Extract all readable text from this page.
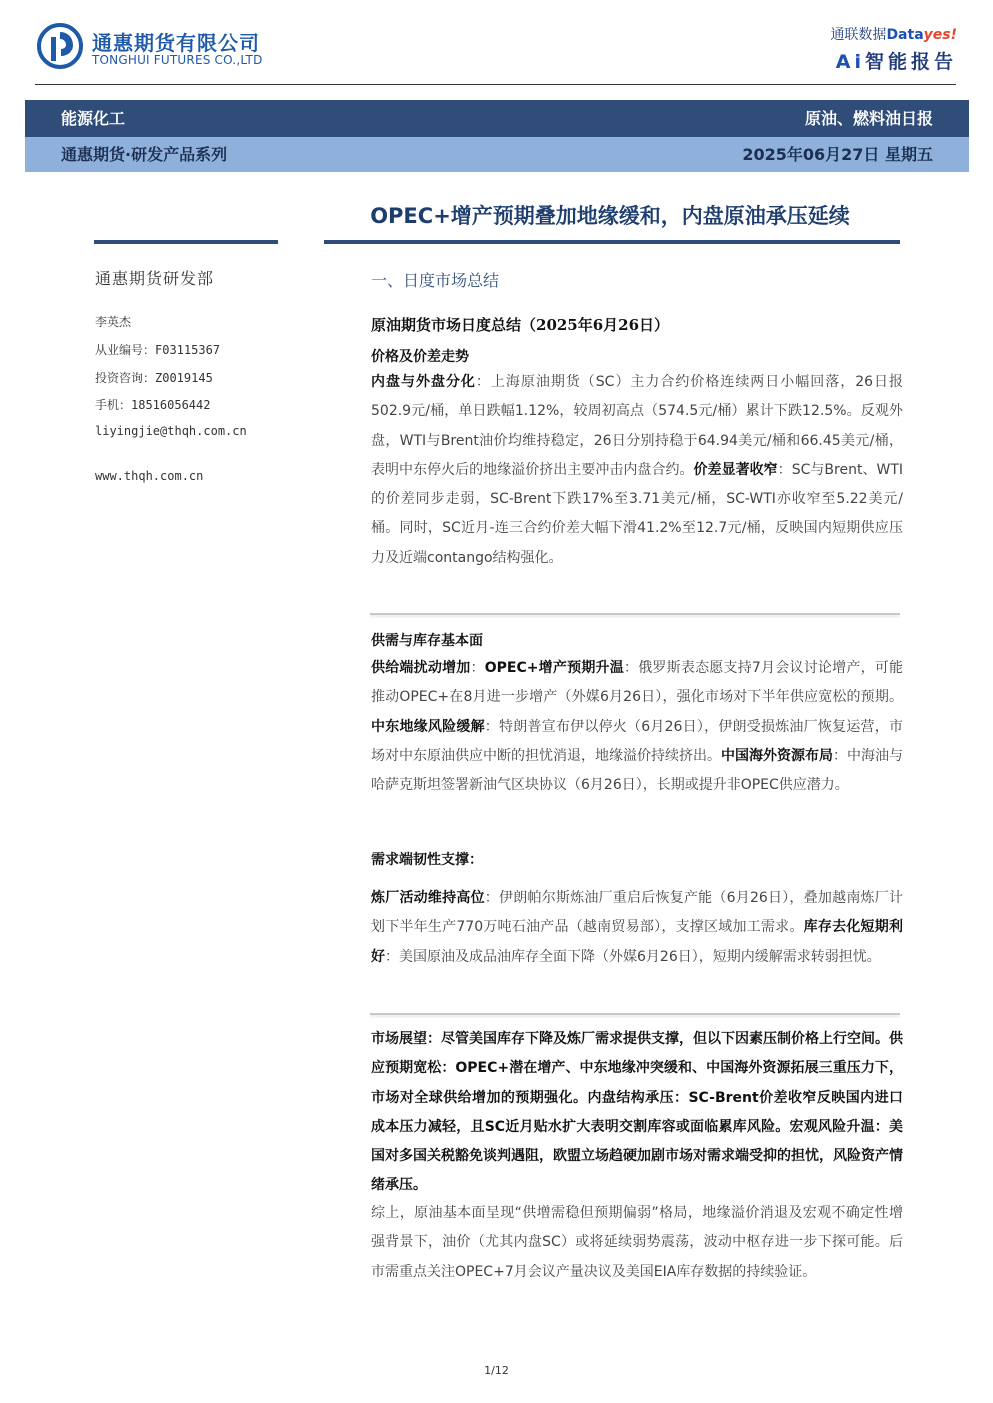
通惠期货有限公司
TONGHUI FUTURES CO.,LTD
通联数据Datayes!
Ai智能报告
能源化工	原油、燃料油日报
通惠期货·研发产品系列	2025年06月27日 星期五
OPEC+增产预期叠加地缘缓和，内盘原油承压延续
通惠期货研发部
李英杰
从业编号：F03115367
投资咨询：Z0019145
手机：18516056442
liyingjie@thqh.com.cn
www.thqh.com.cn
一、日度市场总结
原油期货市场日度总结（2025年6月26日）
价格及价差走势
内盘与外盘分化：上海原油期货（SC）主力合约价格连续两日小幅回落，26日报502.9元/桶，单日跌幅1.12%，较周初高点（574.5元/桶）累计下跌12.5%。反观外盘，WTI与Brent油价均维持稳定，26日分别持稳于64.94美元/桶和66.45美元/桶，表明中东停火后的地缘溢价挤出主要冲击内盘合约。价差显著收窄：SC与Brent、WTI的价差同步走弱，SC-Brent下跌17%至3.71美元/桶，SC-WTI亦收窄至5.22美元/桶。同时，SC近月-连三合约价差大幅下滑41.2%至12.7元/桶，反映国内短期供应压力及近端contango结构强化。
供需与库存基本面
供给端扰动增加：OPEC+增产预期升温：俄罗斯表态愿支持7月会议讨论增产，可能推动OPEC+在8月进一步增产（外媒6月26日），强化市场对下半年供应宽松的预期。中东地缘风险缓解：特朗普宣布伊以停火（6月26日），伊朗受损炼油厂恢复运营，市场对中东原油供应中断的担忧消退，地缘溢价持续挤出。中国海外资源布局：中海油与哈萨克斯坦签署新油气区块协议（6月26日），长期或提升非OPEC供应潜力。
需求端韧性支撑：
炼厂活动维持高位：伊朗帕尔斯炼油厂重启后恢复产能（6月26日），叠加越南炼厂计划下半年生产770万吨石油产品（越南贸易部），支撑区域加工需求。库存去化短期利好：美国原油及成品油库存全面下降（外媒6月26日），短期内缓解需求转弱担忧。
市场展望：尽管美国库存下降及炼厂需求提供支撑，但以下因素压制价格上行空间。供应预期宽松：OPEC+潜在增产、中东地缘冲突缓和、中国海外资源拓展三重压力下，市场对全球供给增加的预期强化。内盘结构承压：SC-Brent价差收窄反映国内进口成本压力减轻，且SC近月贴水扩大表明交割库容或面临累库风险。宏观风险升温：美国对多国关税豁免谈判遇阻，欧盟立场趋硬加剧市场对需求端受抑的担忧，风险资产情绪承压。
综上，原油基本面呈现“供增需稳但预期偏弱”格局，地缘溢价消退及宏观不确定性增强背景下，油价（尤其内盘SC）或将延续弱势震荡，波动中枢存进一步下探可能。后市需重点关注OPEC+7月会议产量决议及美国EIA库存数据的持续验证。
1/12
